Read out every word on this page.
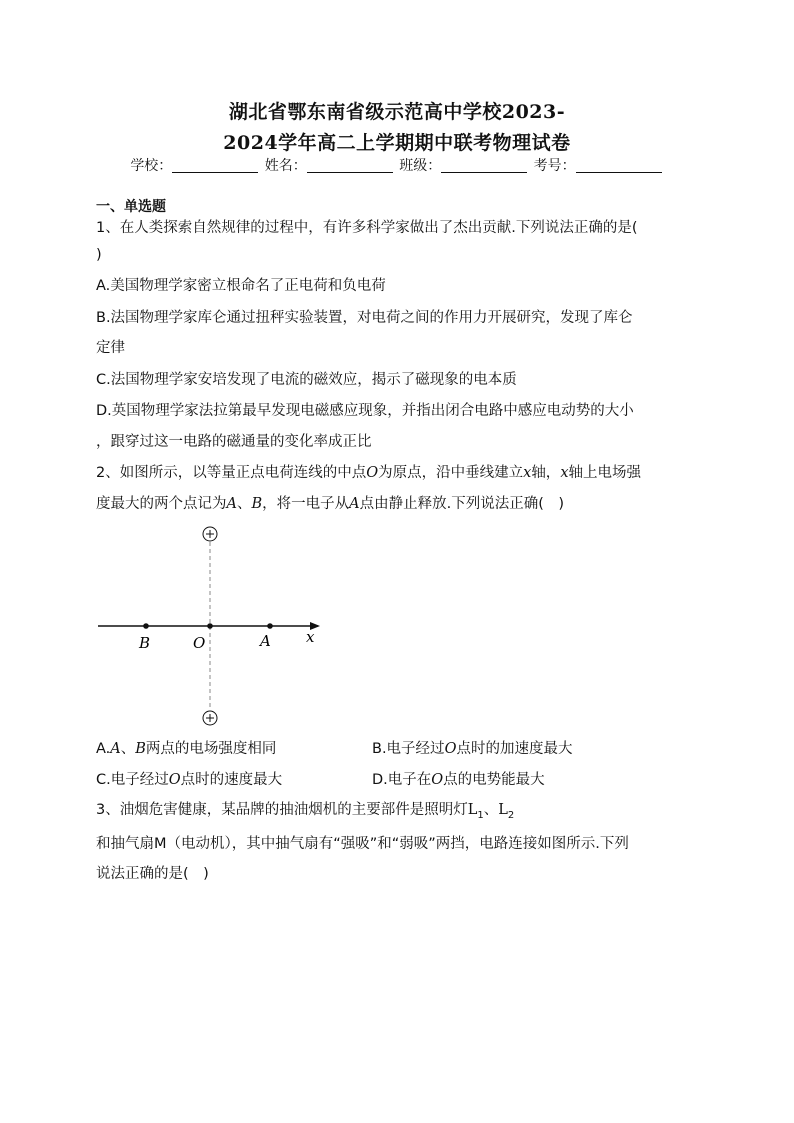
湖北省鄂东南省级示范高中学校2023-
2024学年高二上学期期中联考物理试卷
学校：	姓名：	班级：	考号：
一、单选题
1、在人类探索自然规律的过程中，有许多科学家做出了杰出贡献.下列说法正确的是(
)
A.美国物理学家密立根命名了正电荷和负电荷
B.法国物理学家库仑通过扭秤实验装置，对电荷之间的作用力开展研究，发现了库仑
定律
C.法国物理学家安培发现了电流的磁效应，揭示了磁现象的电本质
D.英国物理学家法拉第最早发现电磁感应现象，并指出闭合电路中感应电动势的大小
，跟穿过这一电路的磁通量的变化率成正比
2、如图所示，以等量正点电荷连线的中点O为原点，沿中垂线建立x轴，x轴上电场强
度最大的两个点记为A、B，将一电子从A点由静止释放.下列说法正确(　)
B	O	A x
A.A、B两点的电场强度相同	B.电子经过O点时的加速度最大
C.电子经过O点时的速度最大	D.电子在O点的电势能最大
3、油烟危害健康，某品牌的抽油烟机的主要部件是照明灯$L_1$、$L_2$
和抽气扇M（电动机），其中抽气扇有“强吸”和“弱吸”两挡，电路连接如图所示.下列
说法正确的是(　)
